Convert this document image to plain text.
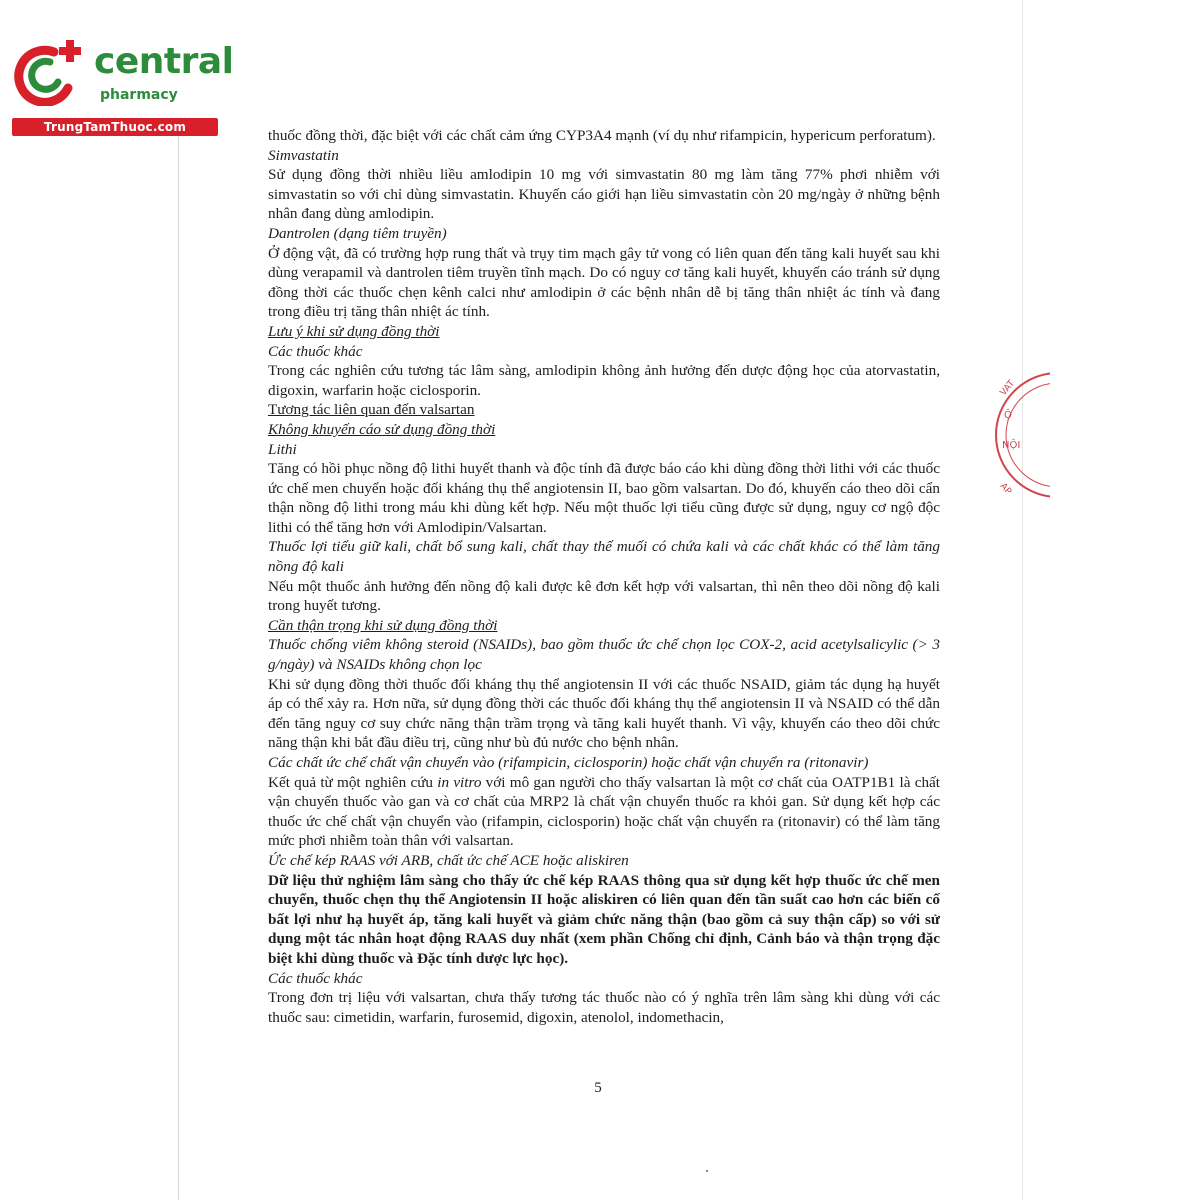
central
pharmacy
TrungTamThuoc.com
VAT
Ộ
NỘI
AP

thuốc đồng thời, đặc biệt với các chất cảm ứng CYP3A4 mạnh (ví dụ như rifampicin, hypericum perforatum).

Simvastatin

Sử dụng đồng thời nhiều liều amlodipin 10 mg với simvastatin 80 mg làm tăng 77% phơi nhiễm với simvastatin so với chỉ dùng simvastatin. Khuyến cáo giới hạn liều simvastatin còn 20 mg/ngày ở những bệnh nhân đang dùng amlodipin.

Dantrolen (dạng tiêm truyền)

Ở động vật, đã có trường hợp rung thất và trụy tim mạch gây tử vong có liên quan đến tăng kali huyết sau khi dùng verapamil và dantrolen tiêm truyền tĩnh mạch. Do có nguy cơ tăng kali huyết, khuyến cáo tránh sử dụng đồng thời các thuốc chẹn kênh calci như amlodipin ở các bệnh nhân dễ bị tăng thân nhiệt ác tính và đang trong điều trị tăng thân nhiệt ác tính.

Lưu ý khi sử dụng đồng thời

Các thuốc khác

Trong các nghiên cứu tương tác lâm sàng, amlodipin không ảnh hưởng đến dược động học của atorvastatin, digoxin, warfarin hoặc ciclosporin.

Tương tác liên quan đến valsartan

Không khuyến cáo sử dụng đồng thời

Lithi

Tăng có hồi phục nồng độ lithi huyết thanh và độc tính đã được báo cáo khi dùng đồng thời lithi với các thuốc ức chế men chuyển hoặc đối kháng thụ thể angiotensin II, bao gồm valsartan. Do đó, khuyến cáo theo dõi cẩn thận nồng độ lithi trong máu khi dùng kết hợp. Nếu một thuốc lợi tiểu cũng được sử dụng, nguy cơ ngộ độc lithi có thể tăng hơn với Amlodipin/Valsartan.

Thuốc lợi tiểu giữ kali, chất bổ sung kali, chất thay thế muối có chứa kali và các chất khác có thể làm tăng nồng độ kali

Nếu một thuốc ảnh hưởng đến nồng độ kali được kê đơn kết hợp với valsartan, thì nên theo dõi nồng độ kali trong huyết tương.

Cần thận trọng khi sử dụng đồng thời

Thuốc chống viêm không steroid (NSAIDs), bao gồm thuốc ức chế chọn lọc COX-2, acid acetylsalicylic (> 3 g/ngày) và NSAIDs không chọn lọc

Khi sử dụng đồng thời thuốc đối kháng thụ thể angiotensin II với các thuốc NSAID, giảm tác dụng hạ huyết áp có thể xảy ra. Hơn nữa, sử dụng đồng thời các thuốc đối kháng thụ thể angiotensin II và NSAID có thể dẫn đến tăng nguy cơ suy chức năng thận trầm trọng và tăng kali huyết thanh. Vì vậy, khuyến cáo theo dõi chức năng thận khi bắt đầu điều trị, cũng như bù đủ nước cho bệnh nhân.

Các chất ức chế chất vận chuyển vào (rifampicin, ciclosporin) hoặc chất vận chuyển ra (ritonavir)

Kết quả từ một nghiên cứu in vitro với mô gan người cho thấy valsartan là một cơ chất của OATP1B1 là chất vận chuyển thuốc vào gan và cơ chất của MRP2 là chất vận chuyển thuốc ra khỏi gan. Sử dụng kết hợp các thuốc ức chế chất vận chuyển vào (rifampin, ciclosporin) hoặc chất vận chuyển ra (ritonavir) có thể làm tăng mức phơi nhiễm toàn thân với valsartan.

Ức chế kép RAAS với ARB, chất ức chế ACE hoặc aliskiren

Dữ liệu thử nghiệm lâm sàng cho thấy ức chế kép RAAS thông qua sử dụng kết hợp thuốc ức chế men chuyển, thuốc chẹn thụ thể Angiotensin II hoặc aliskiren có liên quan đến tần suất cao hơn các biến cố bất lợi như hạ huyết áp, tăng kali huyết và giảm chức năng thận (bao gồm cả suy thận cấp) so với sử dụng một tác nhân hoạt động RAAS duy nhất (xem phần Chống chỉ định, Cảnh báo và thận trọng đặc biệt khi dùng thuốc và Đặc tính dược lực học).

Các thuốc khác

Trong đơn trị liệu với valsartan, chưa thấy tương tác thuốc nào có ý nghĩa trên lâm sàng khi dùng với các thuốc sau: cimetidin, warfarin, furosemid, digoxin, atenolol, indomethacin,

5
